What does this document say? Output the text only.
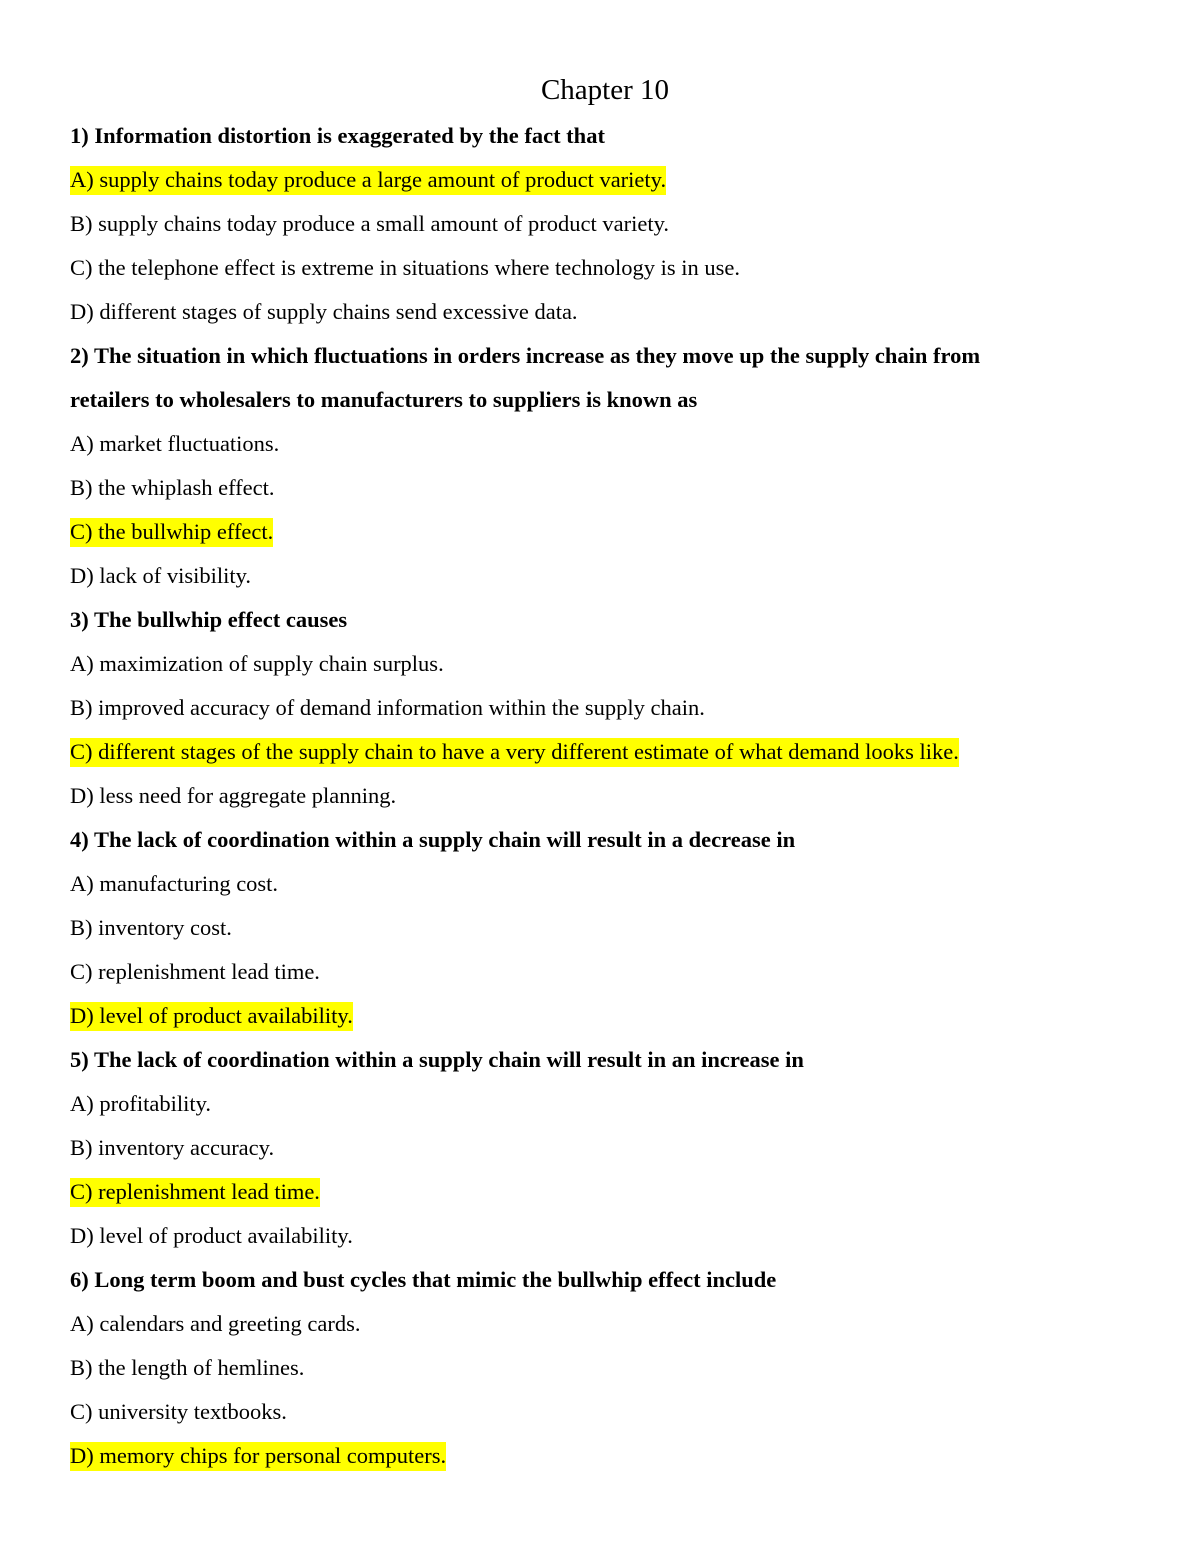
Chapter 10
1) Information distortion is exaggerated by the fact that
A) supply chains today produce a large amount of product variety.
B) supply chains today produce a small amount of product variety.
C) the telephone effect is extreme in situations where technology is in use.
D) different stages of supply chains send excessive data.
2) The situation in which fluctuations in orders increase as they move up the supply chain from
retailers to wholesalers to manufacturers to suppliers is known as
A) market fluctuations.
B) the whiplash effect.
C) the bullwhip effect.
D) lack of visibility.
3) The bullwhip effect causes
A) maximization of supply chain surplus.
B) improved accuracy of demand information within the supply chain.
C) different stages of the supply chain to have a very different estimate of what demand looks like.
D) less need for aggregate planning.
4) The lack of coordination within a supply chain will result in a decrease in
A) manufacturing cost.
B) inventory cost.
C) replenishment lead time.
D) level of product availability.
5) The lack of coordination within a supply chain will result in an increase in
A) profitability.
B) inventory accuracy.
C) replenishment lead time.
D) level of product availability.
6) Long term boom and bust cycles that mimic the bullwhip effect include
A) calendars and greeting cards.
B) the length of hemlines.
C) university textbooks.
D) memory chips for personal computers.
